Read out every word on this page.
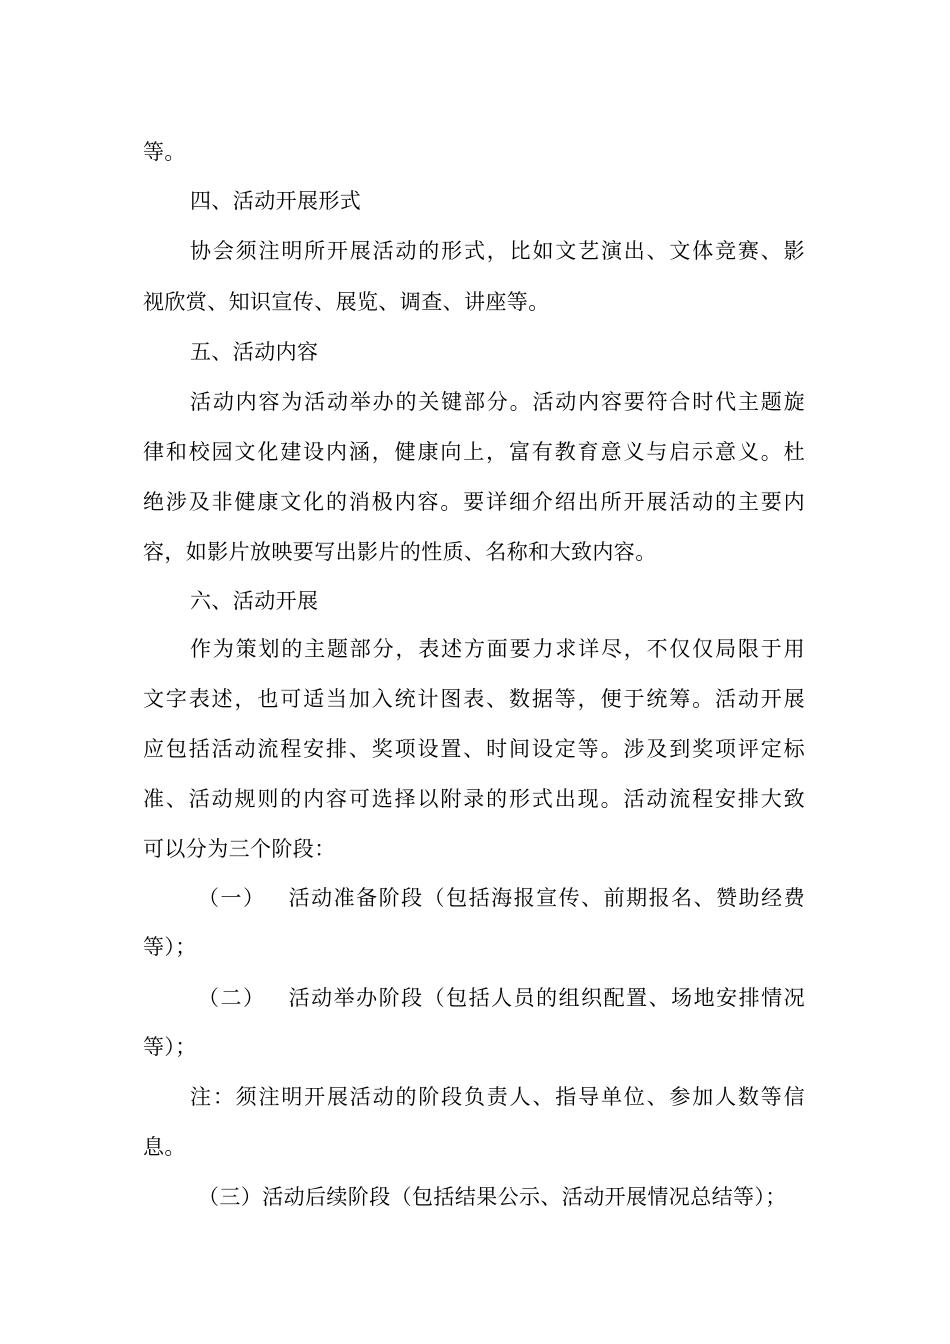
等。
四、活动开展形式
协会须注明所开展活动的形式，比如文艺演出、文体竞赛、影
视欣赏、知识宣传、展览、调查、讲座等。
五、活动内容
活动内容为活动举办的关键部分。活动内容要符合时代主题旋
律和校园文化建设内涵，健康向上，富有教育意义与启示意义。杜
绝涉及非健康文化的消极内容。要详细介绍出所开展活动的主要内
容，如影片放映要写出影片的性质、名称和大致内容。
六、活动开展
作为策划的主题部分，表述方面要力求详尽，不仅仅局限于用
文字表述，也可适当加入统计图表、数据等，便于统筹。活动开展
应包括活动流程安排、奖项设置、时间设定等。涉及到奖项评定标
准、活动规则的内容可选择以附录的形式出现。活动流程安排大致
可以分为三个阶段：
（一） 活动准备阶段（包括海报宣传、前期报名、赞助经费
等）；
（二） 活动举办阶段（包括人员的组织配置、场地安排情况
等）；
注：须注明开展活动的阶段负责人、指导单位、参加人数等信
息。
（三）活动后续阶段（包括结果公示、活动开展情况总结等）；
